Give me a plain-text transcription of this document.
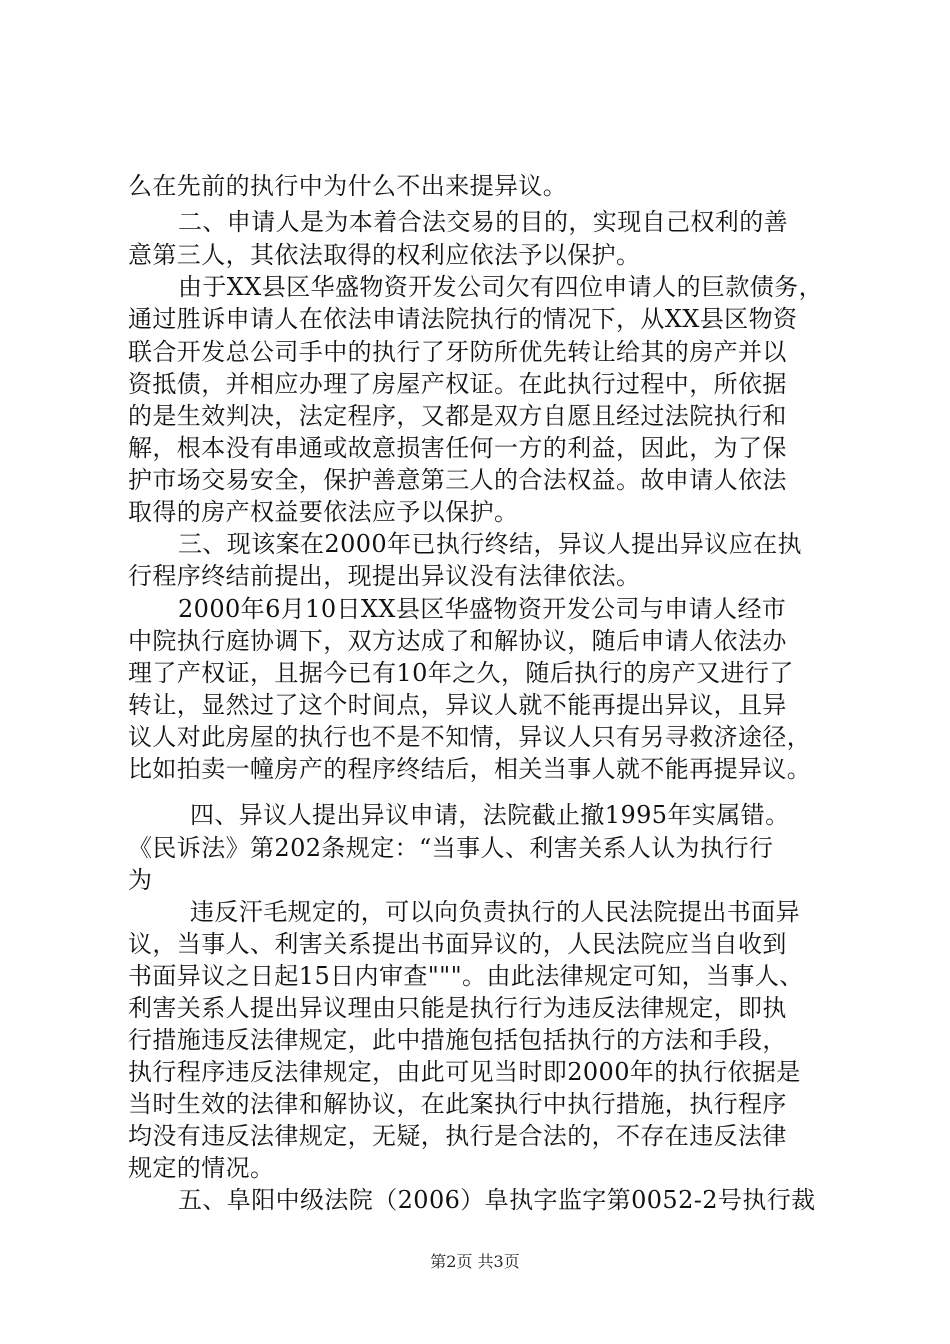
么在先前的执行中为什么不出来提异议。
二、申请人是为本着合法交易的目的，实现自己权利的善
意第三人，其依法取得的权利应依法予以保护。
由于XX县区华盛物资开发公司欠有四位申请人的巨款债务，
通过胜诉申请人在依法申请法院执行的情况下，从XX县区物资
联合开发总公司手中的执行了牙防所优先转让给其的房产并以
资抵债，并相应办理了房屋产权证。在此执行过程中，所依据
的是生效判决，法定程序，又都是双方自愿且经过法院执行和
解，根本没有串通或故意损害任何一方的利益，因此，为了保
护市场交易安全，保护善意第三人的合法权益。故申请人依法
取得的房产权益要依法应予以保护。
三、现该案在2000年已执行终结，异议人提出异议应在执
行程序终结前提出，现提出异议没有法律依法。
2000年6月10日XX县区华盛物资开发公司与申请人经市
中院执行庭协调下，双方达成了和解协议，随后申请人依法办
理了产权证，且据今已有10年之久，随后执行的房产又进行了
转让，显然过了这个时间点，异议人就不能再提出异议，且异
议人对此房屋的执行也不是不知情，异议人只有另寻救济途径，
比如拍卖一幢房产的程序终结后，相关当事人就不能再提异议。
四、异议人提出异议申请，法院截止撤1995年实属错。
《民诉法》第202条规定：“当事人、利害关系人认为执行行
为
违反汗毛规定的，可以向负责执行的人民法院提出书面异
议，当事人、利害关系提出书面异议的，人民法院应当自收到
书面异议之日起15日内审查"""。由此法律规定可知，当事人、
利害关系人提出异议理由只能是执行行为违反法律规定，即执
行措施违反法律规定，此中措施包括包括执行的方法和手段，
执行程序违反法律规定，由此可见当时即2000年的执行依据是
当时生效的法律和解协议，在此案执行中执行措施，执行程序
均没有违反法律规定，无疑，执行是合法的，不存在违反法律
规定的情况。
五、阜阳中级法院（2006）阜执字监字第0052-2号执行裁
第2页 共3页
